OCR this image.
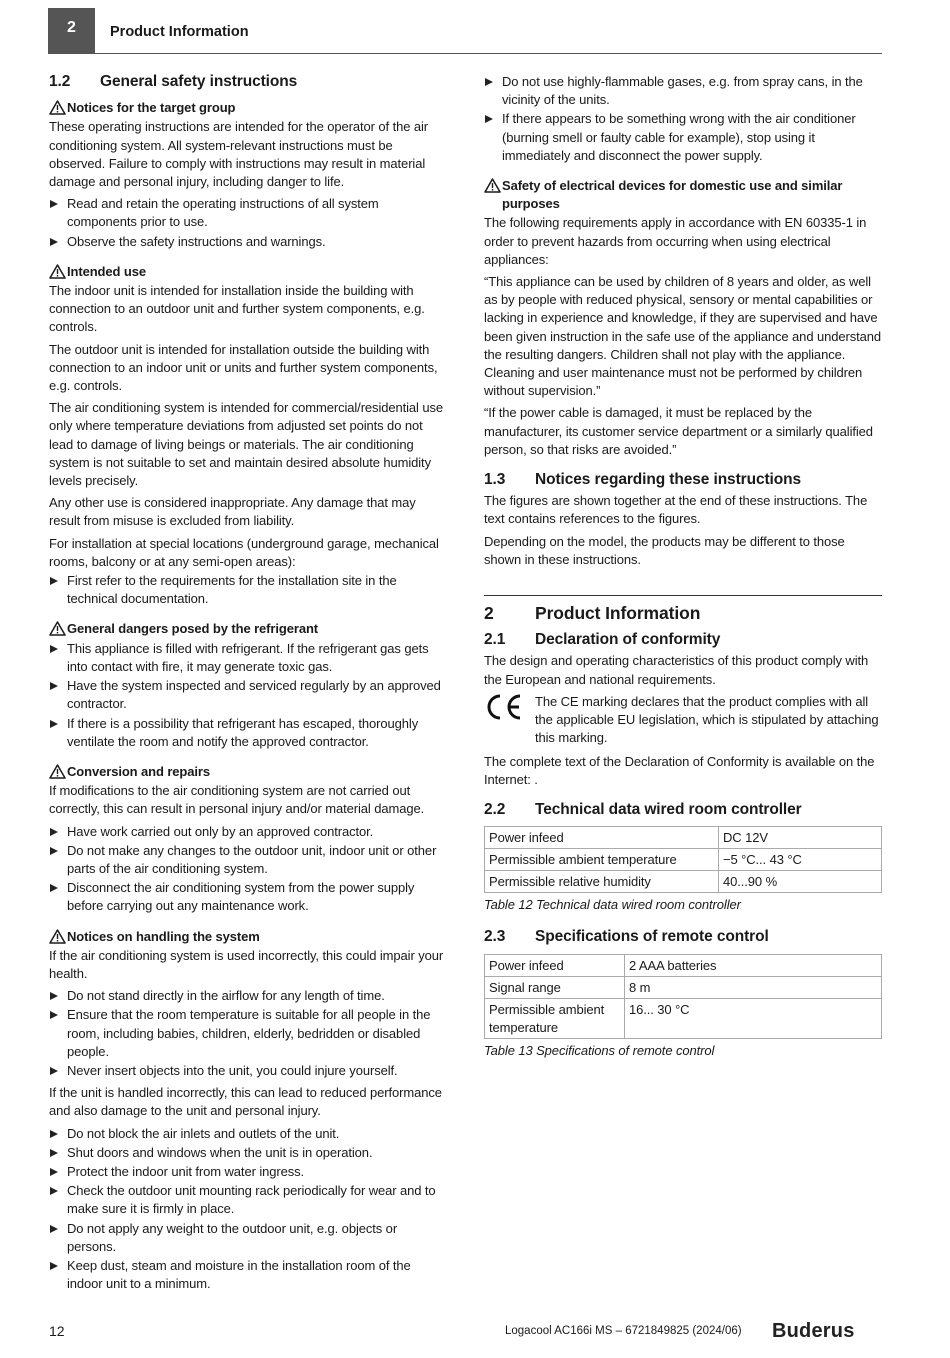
2 Product Information
1.2	General safety instructions
Notices for the target group

These operating instructions are intended for the operator of the air conditioning system. All system-relevant instructions must be observed. Failure to comply with instructions may result in material damage and personal injury, including danger to life.

Read and retain the operating instructions of all system components prior to use.
Observe the safety instructions and warnings.
Intended use

The indoor unit is intended for installation inside the building with connection to an outdoor unit and further system components, e.g. controls.

The outdoor unit is intended for installation outside the building with connection to an indoor unit or units and further system components, e.g. controls.

The air conditioning system is intended for commercial/residential use only where temperature deviations from adjusted set points do not lead to damage of living beings or materials. The air conditioning system is not suitable to set and maintain desired absolute humidity levels precisely.

Any other use is considered inappropriate. Any damage that may result from misuse is excluded from liability.

For installation at special locations (underground garage, mechanical rooms, balcony or at any semi-open areas):

First refer to the requirements for the installation site in the technical documentation.
General dangers posed by the refrigerant
This appliance is filled with refrigerant. If the refrigerant gas gets into contact with fire, it may generate toxic gas.
Have the system inspected and serviced regularly by an approved contractor.
If there is a possibility that refrigerant has escaped, thoroughly ventilate the room and notify the approved contractor.
Conversion and repairs

If modifications to the air conditioning system are not carried out correctly, this can result in personal injury and/or material damage.

Have work carried out only by an approved contractor.
Do not make any changes to the outdoor unit, indoor unit or other parts of the air conditioning system.
Disconnect the air conditioning system from the power supply before carrying out any maintenance work.
Notices on handling the system

If the air conditioning system is used incorrectly, this could impair your health.

Do not stand directly in the airflow for any length of time.
Ensure that the room temperature is suitable for all people in the room, including babies, children, elderly, bedridden or disabled people.
Never insert objects into the unit, you could injure yourself.

If the unit is handled incorrectly, this can lead to reduced performance and also damage to the unit and personal injury.

Do not block the air inlets and outlets of the unit.
Shut doors and windows when the unit is in operation.
Protect the indoor unit from water ingress.
Check the outdoor unit mounting rack periodically for wear and to make sure it is firmly in place.
Do not apply any weight to the outdoor unit, e.g. objects or persons.
Keep dust, steam and moisture in the installation room of the indoor unit to a minimum.
Do not use highly-flammable gases, e.g. from spray cans, in the vicinity of the units.
If there appears to be something wrong with the air conditioner (burning smell or faulty cable for example), stop using it immediately and disconnect the power supply.
Safety of electrical devices for domestic use and similar purposes

The following requirements apply in accordance with EN 60335-1 in order to prevent hazards from occurring when using electrical appliances:

“This appliance can be used by children of 8 years and older, as well as by people with reduced physical, sensory or mental capabilities or lacking in experience and knowledge, if they are supervised and have been given instruction in the safe use of the appliance and understand the resulting dangers. Children shall not play with the appliance. Cleaning and user maintenance must not be performed by children without supervision.”

“If the power cable is damaged, it must be replaced by the manufacturer, its customer service department or a similarly qualified person, so that risks are avoided.”

1.3	Notices regarding these instructions

The figures are shown together at the end of these instructions. The text contains references to the figures.

Depending on the model, the products may be different to those shown in these instructions.

2	Product Information
2.1	Declaration of conformity

The design and operating characteristics of this product comply with the European and national requirements.

The CE marking declares that the product complies with all the applicable EU legislation, which is stipulated by attaching this marking.

The complete text of the Declaration of Conformity is available on the Internet: .

2.2	Technical data wired room controller
Power infeed	DC 12V
Permissible ambient temperature	−5 °C... 43 °C
Permissible relative humidity	40...90 %

Table 12 Technical data wired room controller

2.3	Specifications of remote control
Power infeed	2 AAA batteries
Signal range	8 m
Permissible ambient temperature	16... 30 °C

Table 13 Specifications of remote control

12	Logacool AC166i MS – 6721849825 (2024/06) Buderus
